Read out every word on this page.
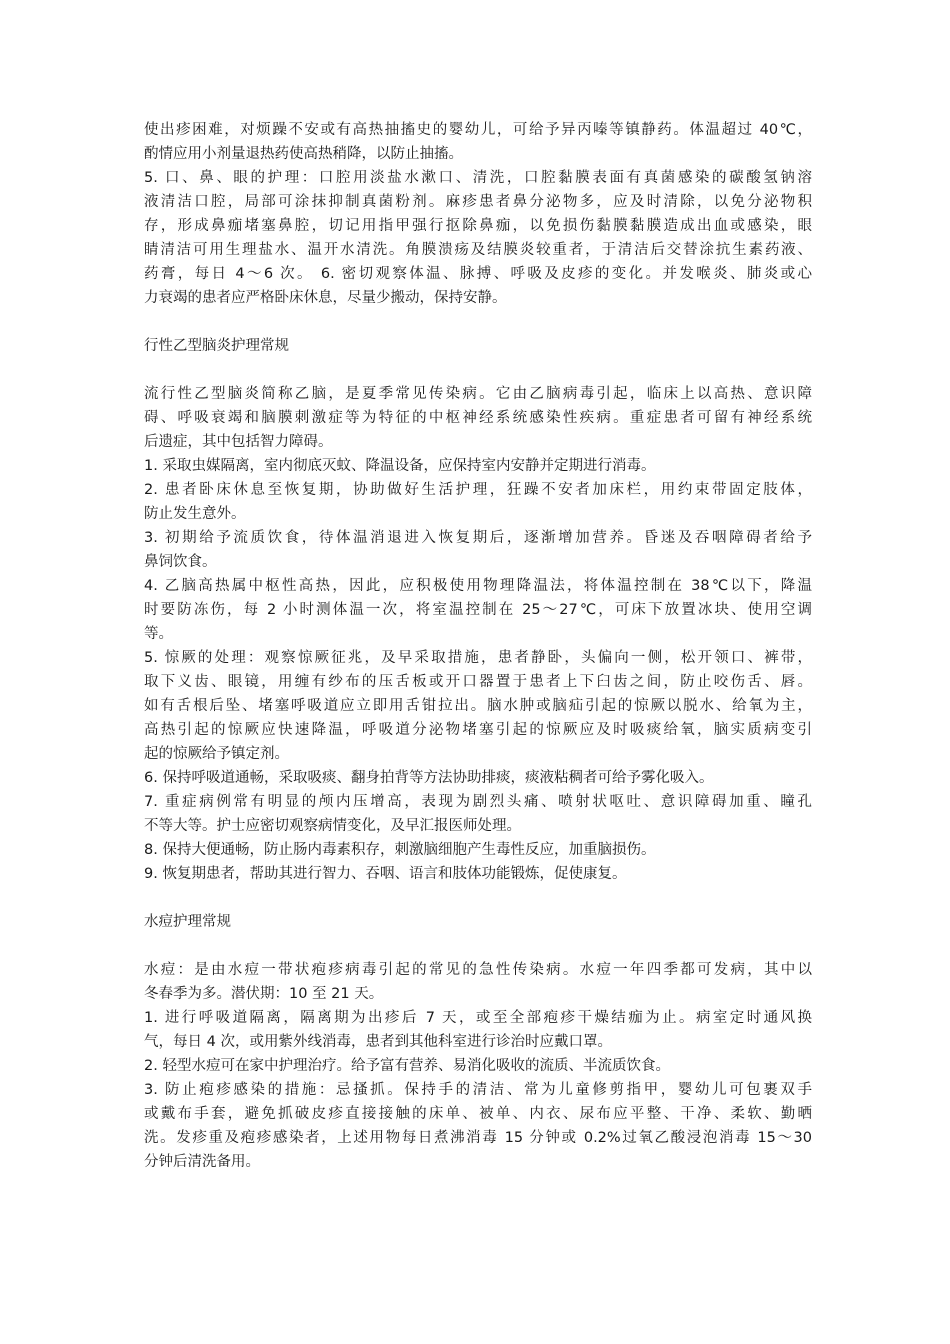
使出疹困难，对烦躁不安或有高热抽搐史的婴幼儿，可给予异丙嗪等镇静药。体温超过 40℃，
酌情应用小剂量退热药使高热稍降，以防止抽搐。
5. 口、鼻、眼的护理：口腔用淡盐水漱口、清洗，口腔黏膜表面有真菌感染的碳酸氢钠溶
液清洁口腔，局部可涂抹抑制真菌粉剂。麻疹患者鼻分泌物多，应及时清除，以免分泌物积
存，形成鼻痂堵塞鼻腔，切记用指甲强行抠除鼻痂，以免损伤黏膜黏膜造成出血或感染，眼
睛清洁可用生理盐水、温开水清洗。角膜溃疡及结膜炎较重者，于清洁后交替涂抗生素药液、
药膏，每日 4～6 次。 6. 密切观察体温、脉搏、呼吸及皮疹的变化。并发喉炎、肺炎或心
力衰竭的患者应严格卧床休息，尽量少搬动，保持安静。
行性乙型脑炎护理常规
流行性乙型脑炎简称乙脑，是夏季常见传染病。它由乙脑病毒引起，临床上以高热、意识障
碍、呼吸衰竭和脑膜刺激症等为特征的中枢神经系统感染性疾病。重症患者可留有神经系统
后遗症，其中包括智力障碍。
1. 采取虫媒隔离，室内彻底灭蚊、降温设备，应保持室内安静并定期进行消毒。
2. 患者卧床休息至恢复期，协助做好生活护理，狂躁不安者加床栏，用约束带固定肢体，
防止发生意外。
3. 初期给予流质饮食，待体温消退进入恢复期后，逐渐增加营养。昏迷及吞咽障碍者给予
鼻饲饮食。
4. 乙脑高热属中枢性高热，因此，应积极使用物理降温法，将体温控制在 38℃以下，降温
时要防冻伤，每 2 小时测体温一次，将室温控制在 25～27℃，可床下放置冰块、使用空调
等。
5. 惊厥的处理：观察惊厥征兆，及早采取措施，患者静卧，头偏向一侧，松开领口、裤带，
取下义齿、眼镜，用缠有纱布的压舌板或开口器置于患者上下臼齿之间，防止咬伤舌、唇。
如有舌根后坠、堵塞呼吸道应立即用舌钳拉出。脑水肿或脑疝引起的惊厥以脱水、给氧为主，
高热引起的惊厥应快速降温，呼吸道分泌物堵塞引起的惊厥应及时吸痰给氧，脑实质病变引
起的惊厥给予镇定剂。
6. 保持呼吸道通畅，采取吸痰、翻身拍背等方法协助排痰，痰液粘稠者可给予雾化吸入。
7. 重症病例常有明显的颅内压增高，表现为剧烈头痛、喷射状呕吐、意识障碍加重、瞳孔
不等大等。护士应密切观察病情变化，及早汇报医师处理。
8. 保持大便通畅，防止肠内毒素积存，刺激脑细胞产生毒性反应，加重脑损伤。
9. 恢复期患者，帮助其进行智力、吞咽、语言和肢体功能锻炼，促使康复。
水痘护理常规
水痘：是由水痘一带状疱疹病毒引起的常见的急性传染病。水痘一年四季都可发病，其中以
冬春季为多。潜伏期：10 至 21 天。
1. 进行呼吸道隔离，隔离期为出疹后 7 天，或至全部疱疹干燥结痂为止。病室定时通风换
气，每日 4 次，或用紫外线消毒，患者到其他科室进行诊治时应戴口罩。
2. 轻型水痘可在家中护理治疗。给予富有营养、易消化吸收的流质、半流质饮食。
3. 防止疱疹感染的措施：忌搔抓。保持手的清洁、常为儿童修剪指甲，婴幼儿可包裹双手
或戴布手套，避免抓破皮疹直接接触的床单、被单、内衣、尿布应平整、干净、柔软、勤晒
洗。发疹重及疱疹感染者，上述用物每日煮沸消毒 15 分钟或 0.2%过氧乙酸浸泡消毒 15～30
分钟后清洗备用。
